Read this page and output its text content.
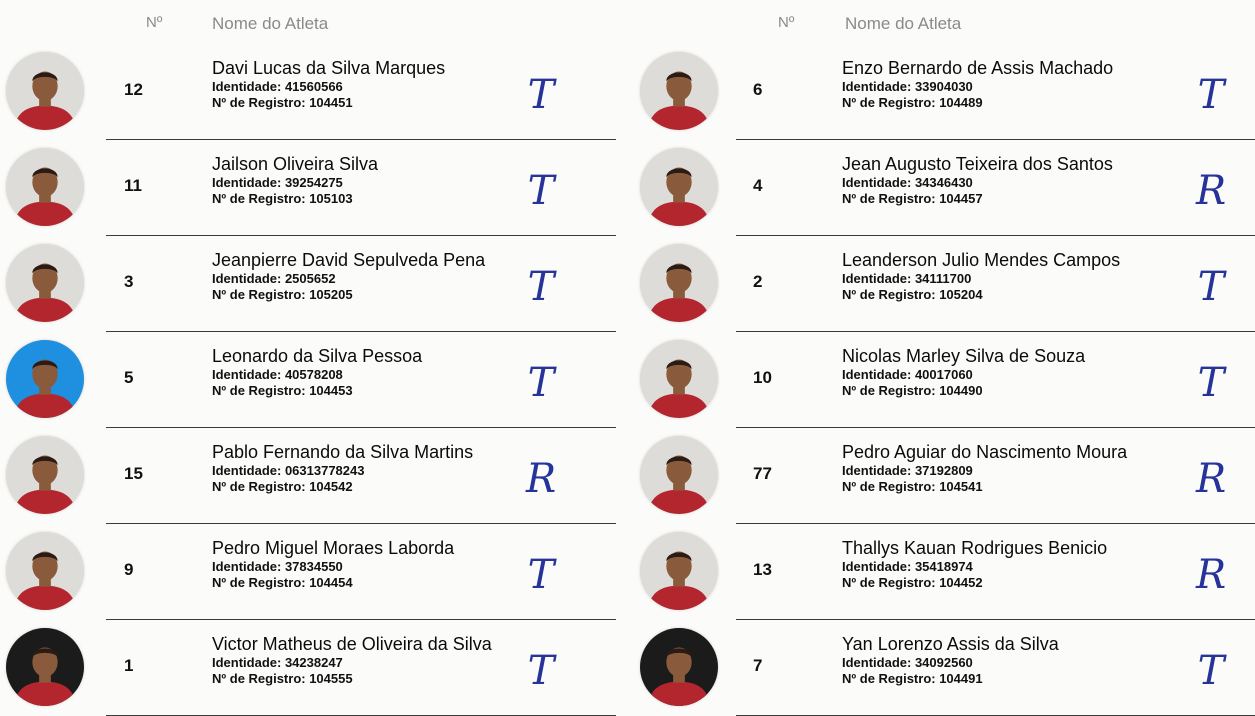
Nº	Nome do Atleta
12
Davi Lucas da Silva Marques
Identidade: 41560566
Nº de Registro: 104451	T
11
Jailson Oliveira Silva
Identidade: 39254275
Nº de Registro: 105103	T
3
Jeanpierre David Sepulveda Pena
Identidade: 2505652
Nº de Registro: 105205	T
5
Leonardo da Silva Pessoa
Identidade: 40578208
Nº de Registro: 104453	T
15
Pablo Fernando da Silva Martins
Identidade: 06313778243
Nº de Registro: 104542	R
9
Pedro Miguel Moraes Laborda
Identidade: 37834550
Nº de Registro: 104454	T
1
Victor Matheus de Oliveira da Silva
Identidade: 34238247
Nº de Registro: 104555	T
Nº	Nome do Atleta
6
Enzo Bernardo de Assis Machado
Identidade: 33904030
Nº de Registro: 104489	T
4
Jean Augusto Teixeira dos Santos
Identidade: 34346430
Nº de Registro: 104457	R
2
Leanderson Julio Mendes Campos
Identidade: 34111700
Nº de Registro: 105204	T
10
Nicolas Marley Silva de Souza
Identidade: 40017060
Nº de Registro: 104490	T
77
Pedro Aguiar do Nascimento Moura
Identidade: 37192809
Nº de Registro: 104541	R
13
Thallys Kauan Rodrigues Benicio
Identidade: 35418974
Nº de Registro: 104452	R
7
Yan Lorenzo Assis da Silva
Identidade: 34092560
Nº de Registro: 104491	T
